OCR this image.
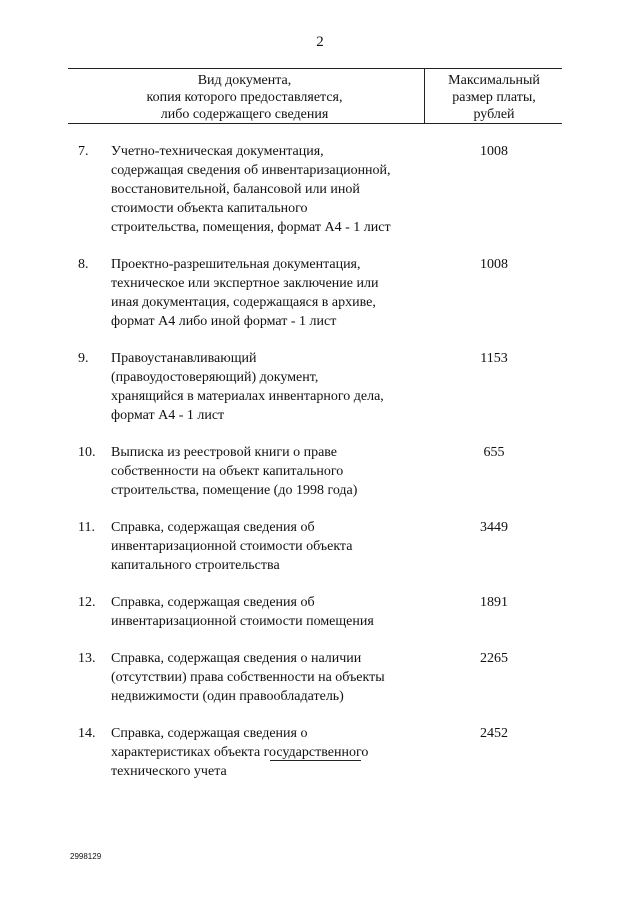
2
Вид документа,
копия которого предоставляется,
либо содержащего сведения
Максимальный
размер платы,
рублей
7. Учетно-техническая документация,
содержащая сведения об инвентаризационной,
восстановительной, балансовой или иной
стоимости объекта капитального
строительства, помещения, формат А4 - 1 лист
1008
8. Проектно-разрешительная документация,
техническое или экспертное заключение или
иная документация, содержащаяся в архиве,
формат А4 либо иной формат - 1 лист
1008
9. Правоустанавливающий
(правоудостоверяющий) документ,
хранящийся в материалах инвентарного дела,
формат А4 - 1 лист
1153
10. Выписка из реестровой книги о праве
собственности на объект капитального
строительства, помещение (до 1998 года)
655
11. Справка, содержащая сведения об
инвентаризационной стоимости объекта
капитального строительства
3449
12. Справка, содержащая сведения об
инвентаризационной стоимости помещения
1891
13. Справка, содержащая сведения о наличии
(отсутствии) права собственности на объекты
недвижимости (один правообладатель)
2265
14. Справка, содержащая сведения о
характеристиках объекта государственного
технического учета
2452
2998129
